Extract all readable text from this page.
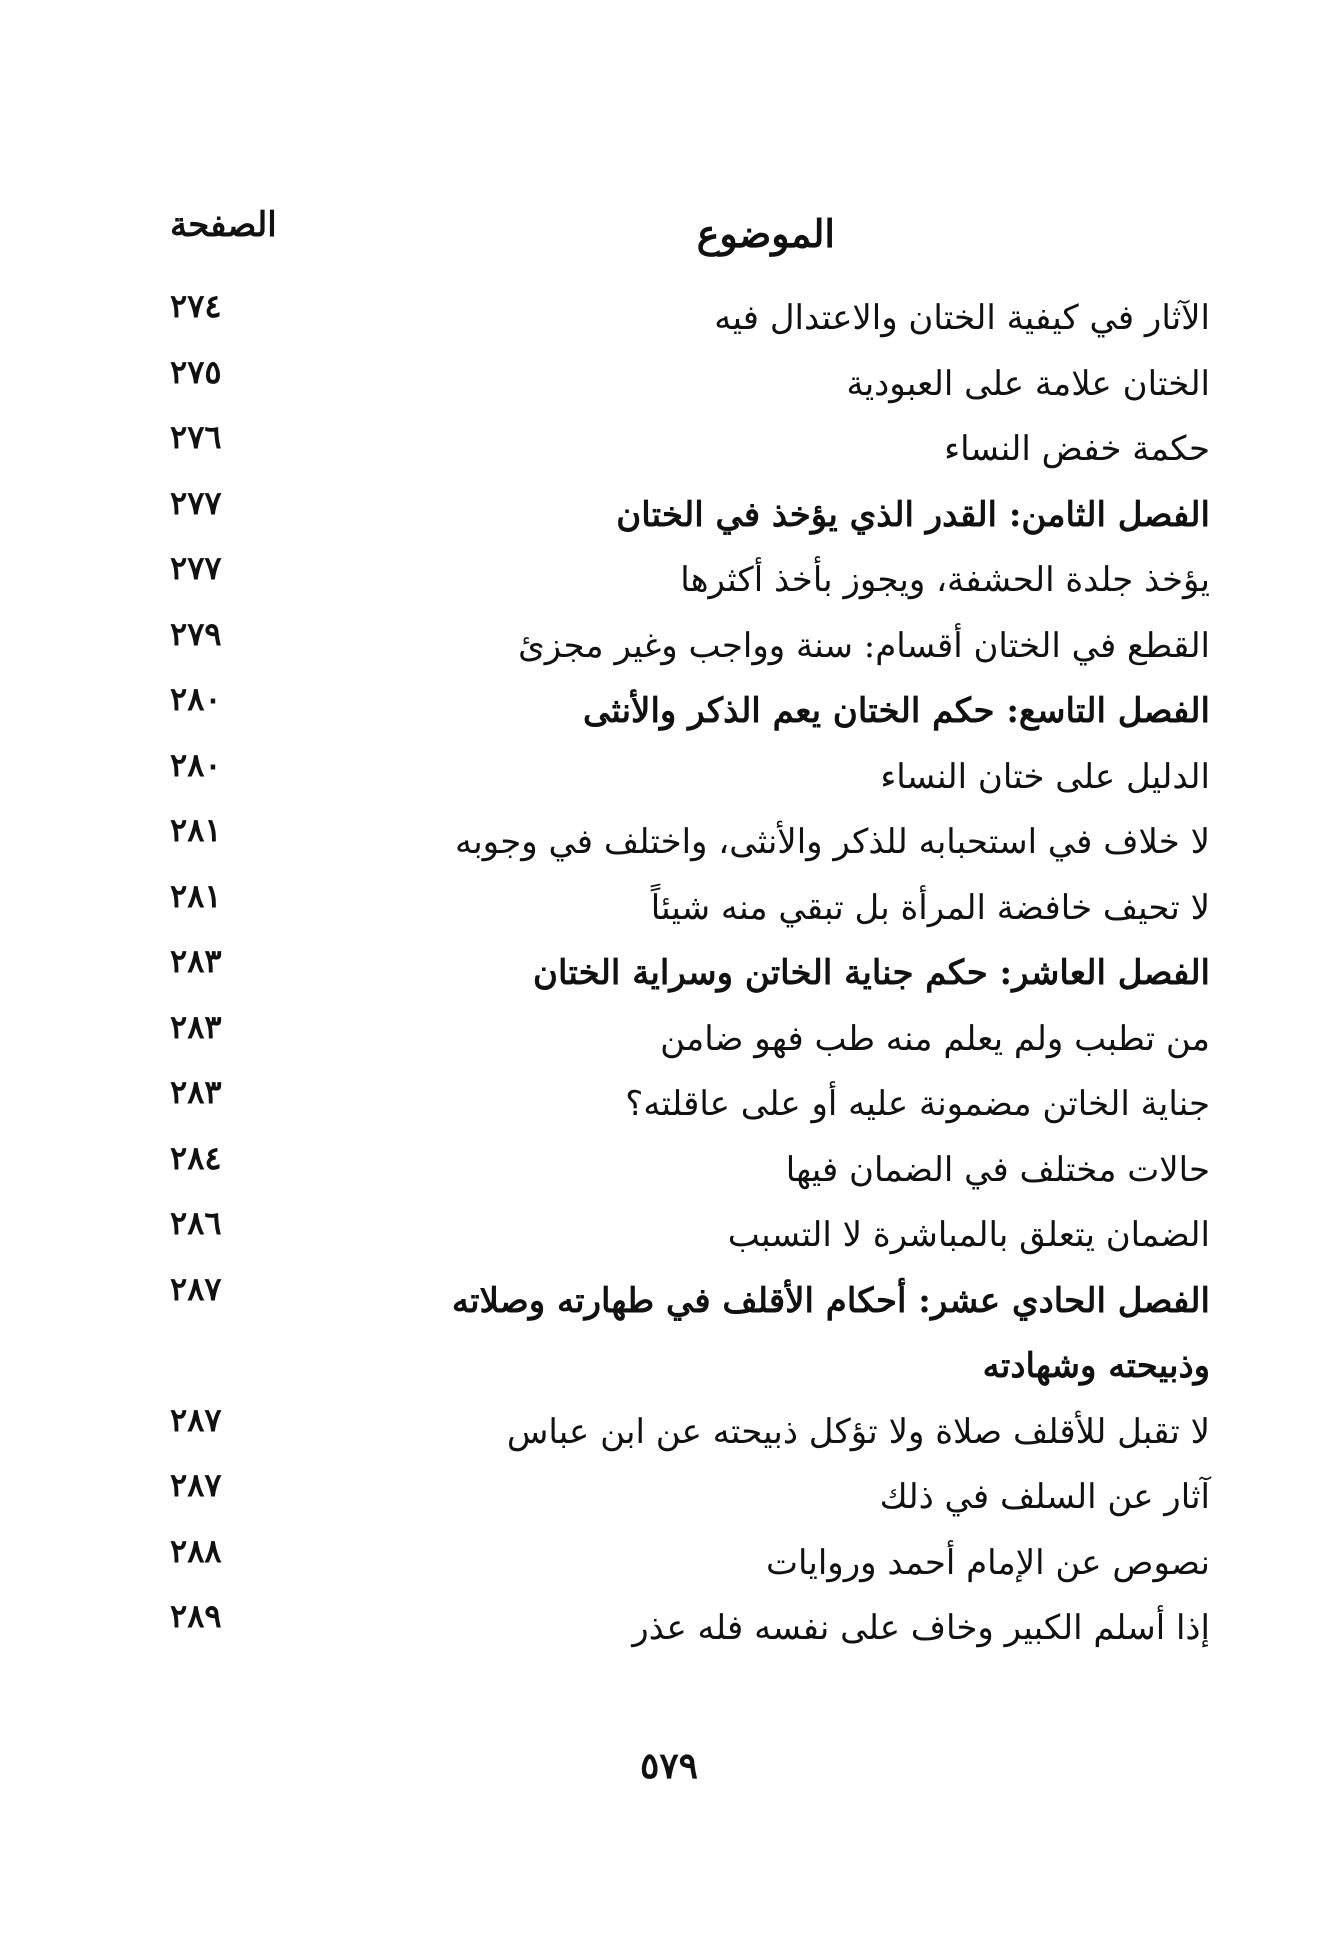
الموضوع
الصفحة
الآثار في كيفية الختان والاعتدال فيه
٢٧٤
الختان علامة على العبودية
٢٧٥
حكمة خفض النساء
٢٧٦
الفصل الثامن: القدر الذي يؤخذ في الختان
٢٧٧
يؤخذ جلدة الحشفة، ويجوز بأخذ أكثرها
٢٧٧
القطع في الختان أقسام: سنة وواجب وغير مجزئ
٢٧٩
الفصل التاسع: حكم الختان يعم الذكر والأنثى
٢٨٠
الدليل على ختان النساء
٢٨٠
لا خلاف في استحبابه للذكر والأنثى، واختلف في وجوبه
٢٨١
لا تحيف خافضة المرأة بل تبقي منه شيئاً
٢٨١
الفصل العاشر: حكم جناية الخاتن وسراية الختان
٢٨٣
من تطبب ولم يعلم منه طب فهو ضامن
٢٨٣
جناية الخاتن مضمونة عليه أو على عاقلته؟
٢٨٣
حالات مختلف في الضمان فيها
٢٨٤
الضمان يتعلق بالمباشرة لا التسبب
٢٨٦
الفصل الحادي عشر: أحكام الأقلف في طهارته وصلاته وذبيحته وشهادته
٢٨٧
لا تقبل للأقلف صلاة ولا تؤكل ذبيحته عن ابن عباس
٢٨٧
آثار عن السلف في ذلك
٢٨٧
نصوص عن الإمام أحمد وروايات
٢٨٨
إذا أسلم الكبير وخاف على نفسه فله عذر
٢٨٩
٥٧٩
